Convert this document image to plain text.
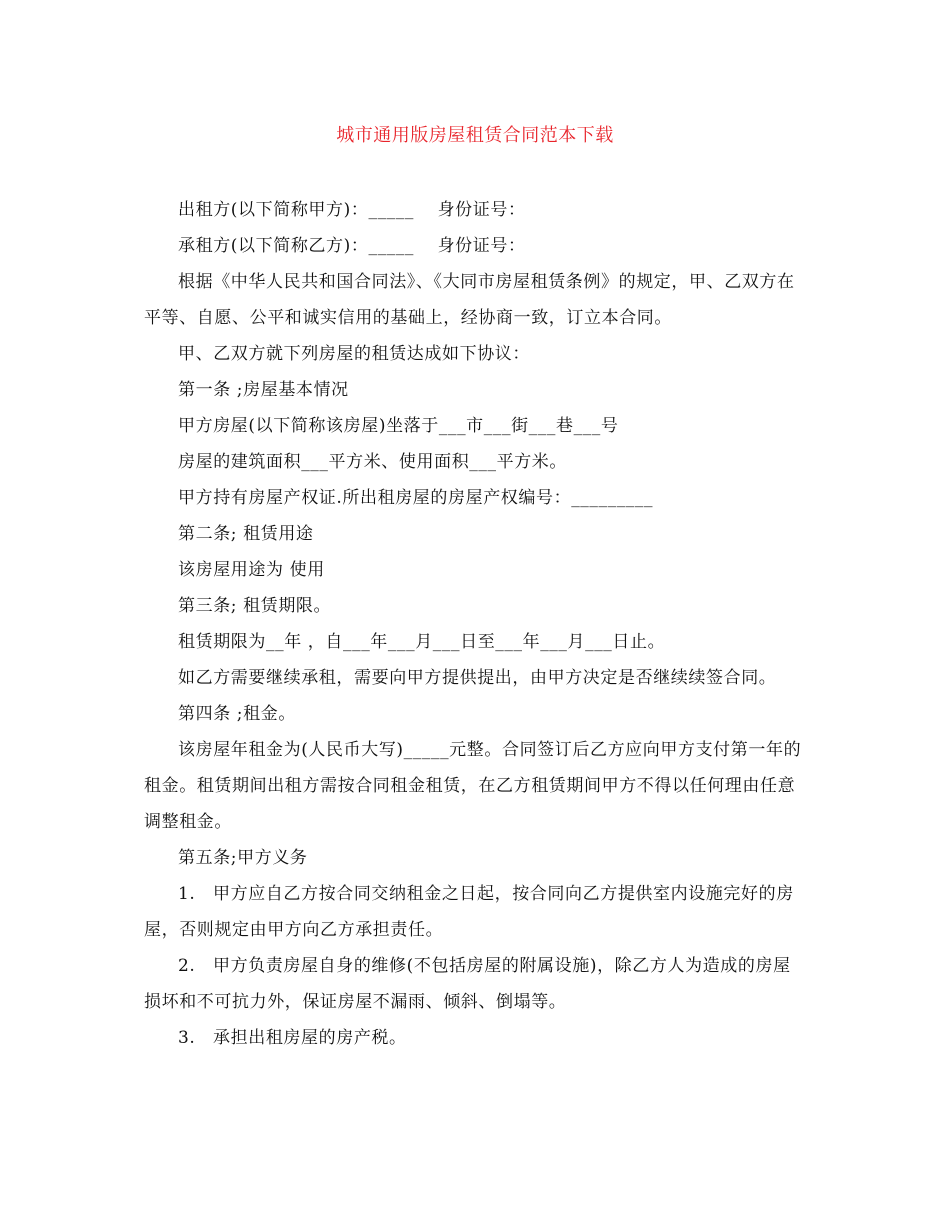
城市通用版房屋租赁合同范本下载

出租方(以下简称甲方)：_____　 身份证号：

承租方(以下简称乙方)：_____　 身份证号：

根据《中华人民共和国合同法》、《大同市房屋租赁条例》的规定，甲、乙双方在平等、自愿、公平和诚实信用的基础上，经协商一致，订立本合同。

甲、乙双方就下列房屋的租赁达成如下协议：

第一条 ;房屋基本情况

甲方房屋(以下简称该房屋)坐落于___市___街___巷___号

房屋的建筑面积___平方米、使用面积___平方米。

甲方持有房屋产权证.所出租房屋的房屋产权编号：_________

第二条; 租赁用途

该房屋用途为 使用

第三条; 租赁期限。

租赁期限为__年 ，自___年___月___日至___年___月___日止。

如乙方需要继续承租，需要向甲方提供提出，由甲方决定是否继续续签合同。

第四条 ;租金。

该房屋年租金为(人民币大写)_____元整。合同签订后乙方应向甲方支付第一年的租金。租赁期间出租方需按合同租金租赁，在乙方租赁期间甲方不得以任何理由任意调整租金。

第五条;甲方义务

1.　甲方应自乙方按合同交纳租金之日起，按合同向乙方提供室内设施完好的房屋，否则规定由甲方向乙方承担责任。

2.　甲方负责房屋自身的维修(不包括房屋的附属设施)，除乙方人为造成的房屋损坏和不可抗力外，保证房屋不漏雨、倾斜、倒塌等。

3.　承担出租房屋的房产税。
